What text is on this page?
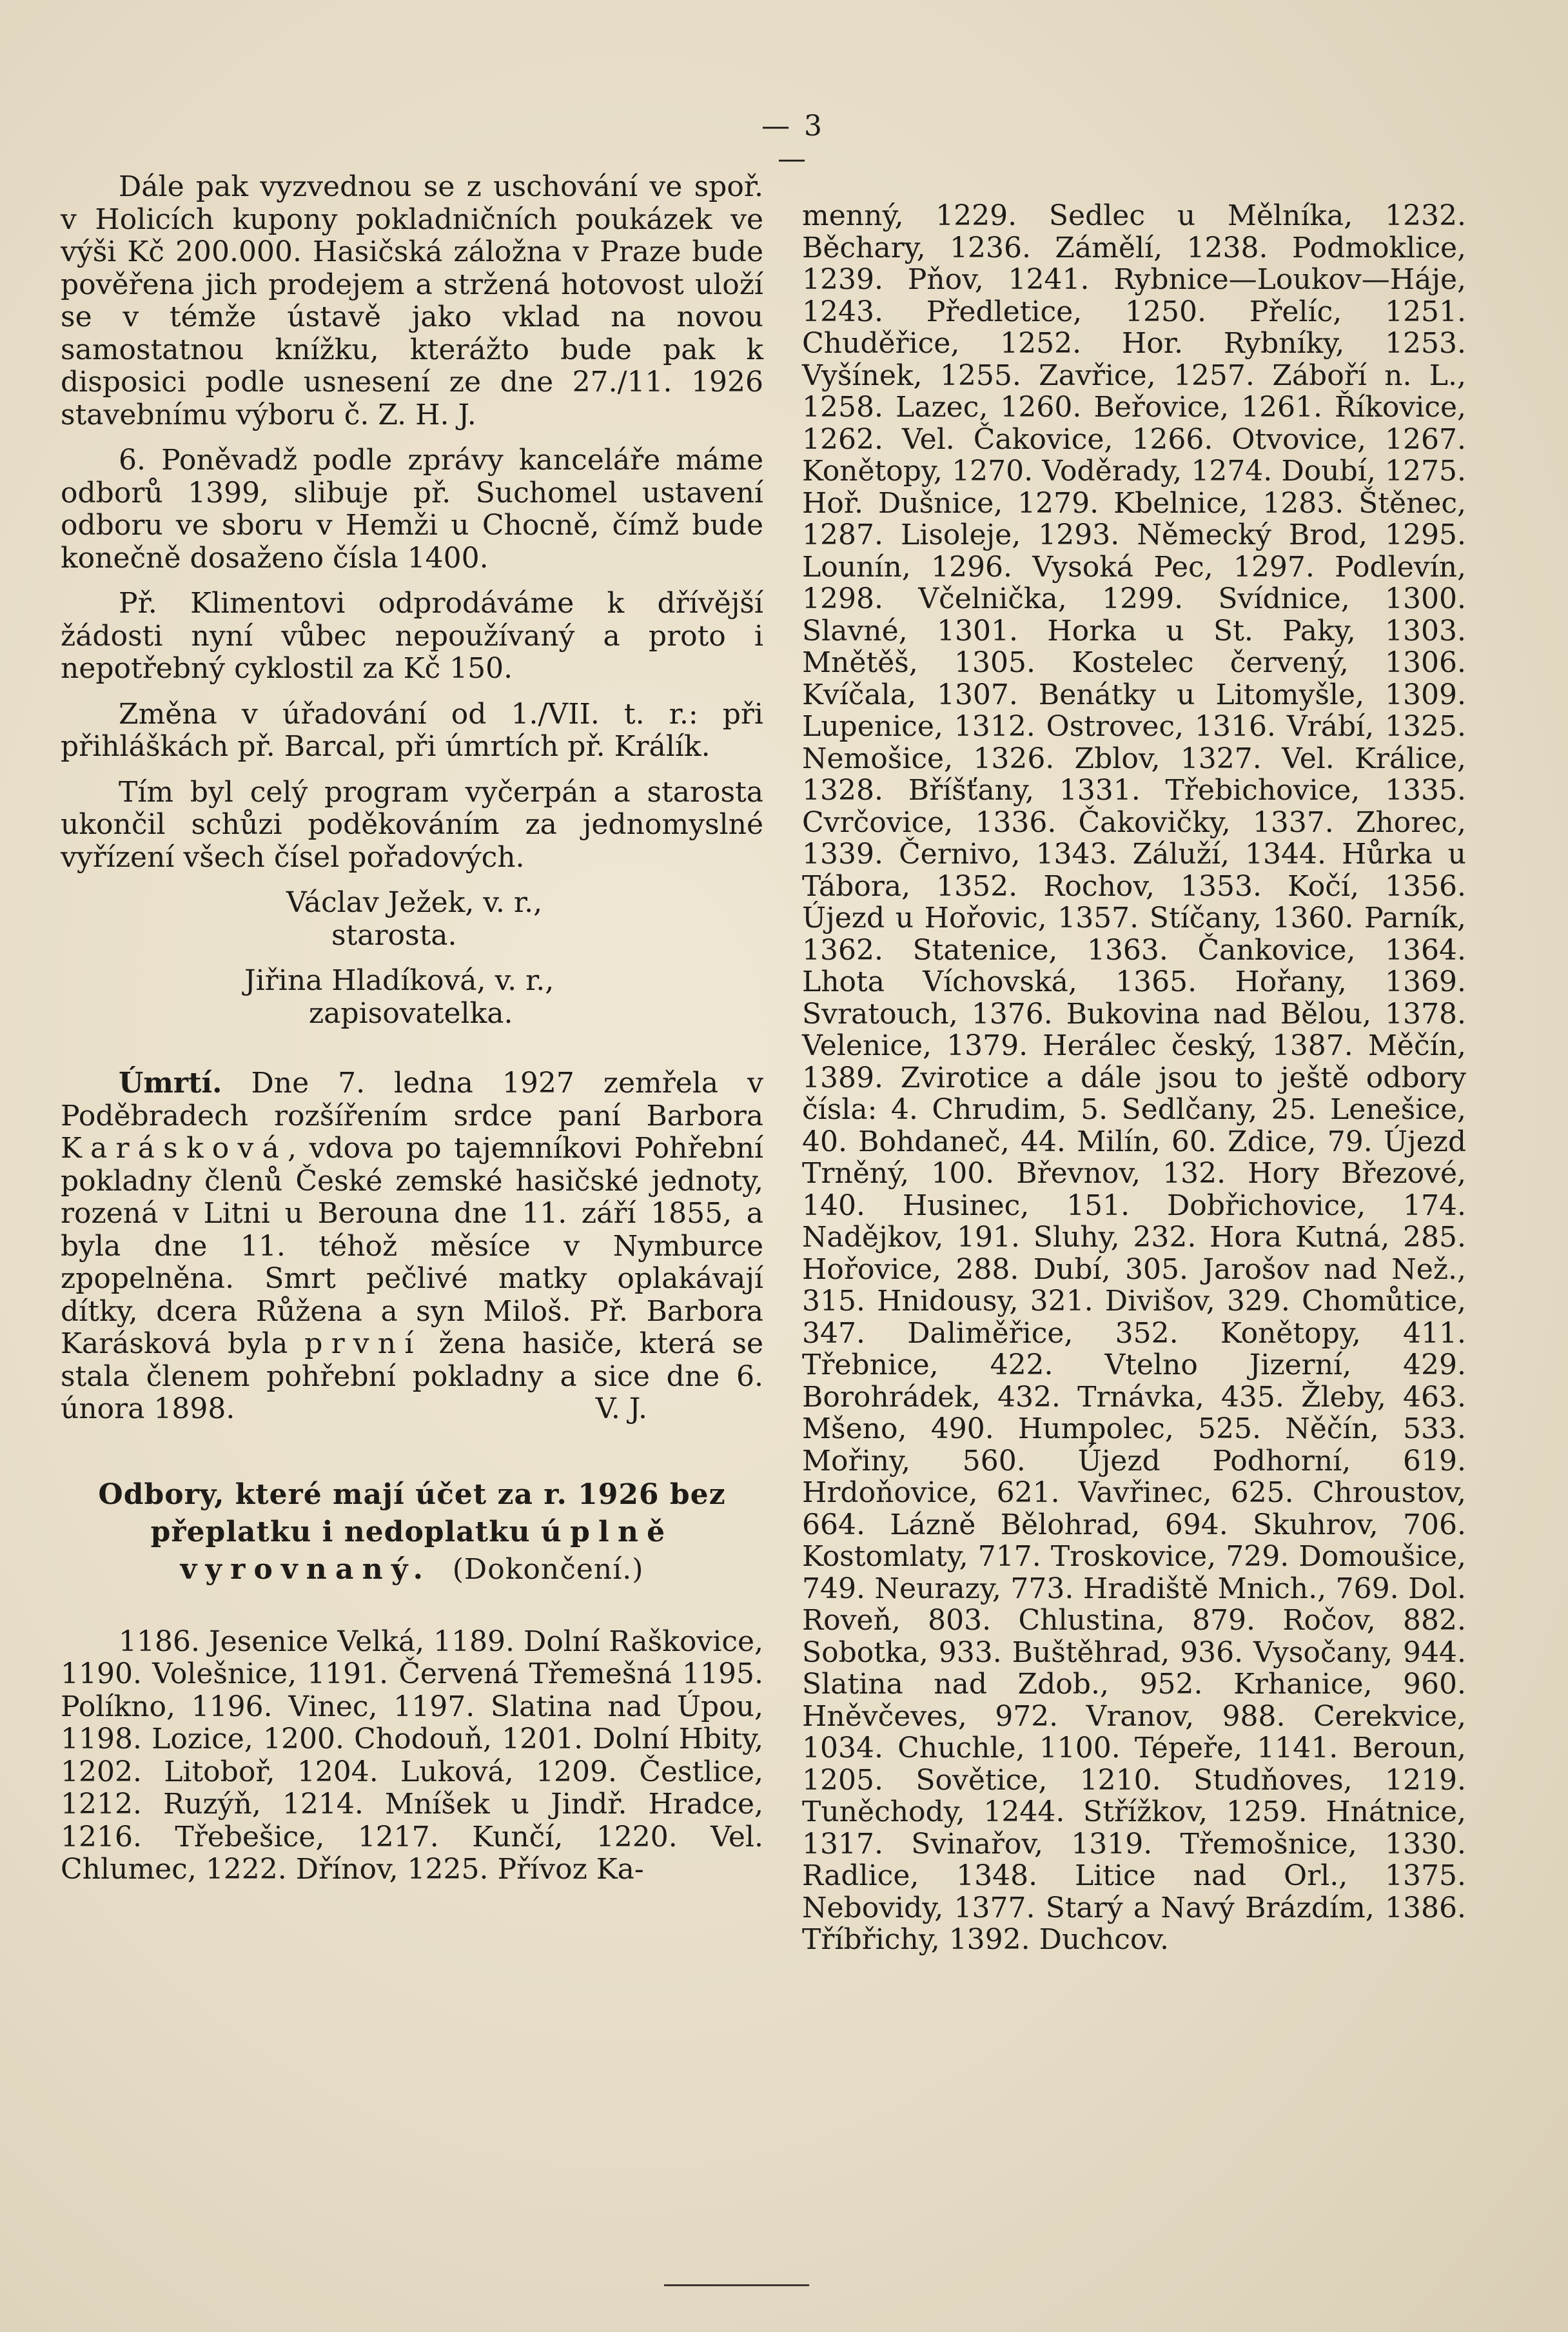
— 3 —

Dále pak vyzvednou se z uschování ve spoř. v Holicích kupony pokladničních poukázek ve výši Kč 200.000. Hasičská záložna v Praze bude pověřena jich prodejem a stržená hotovost uloží se v témže ústavě jako vklad na novou samostatnou knížku, kterážto bude pak k disposici podle usnesení ze dne 27./11. 1926 stavebnímu výboru č. Z. H. J.

6. Poněvadž podle zprávy kanceláře máme odborů 1399, slibuje př. Suchomel ustavení odboru ve sboru v Hemži u Chocně, čímž bude konečně dosaženo čísla 1400.

Př. Klimentovi odprodáváme k dřívější žádosti nyní vůbec nepoužívaný a proto i nepotřebný cyklostil za Kč 150.

Změna v úřadování od 1./VII. t. r.: při přihláškách př. Barcal, při úmrtích př. Králík.

Tím byl celý program vyčerpán a starosta ukončil schůzi poděkováním za jednomyslné vyřízení všech čísel pořadových.

Václav Ježek, v. r.,

starosta.

Jiřina Hladíková, v. r.,

zapisovatelka.

Úmrtí. Dne 7. ledna 1927 zemřela v Poděbradech rozšířením srdce paní Barbora Karásková, vdova po tajemníkovi Pohřební pokladny členů České zemské hasičské jednoty, rozená v Litni u Berouna dne 11. září 1855, a byla dne 11. téhož měsíce v Nymburce zpopelněna. Smrt pečlivé matky oplakávají dítky, dcera Růžena a syn Miloš. Př. Barbora Karásková byla první žena hasiče, která se stala členem pohřební pokladny a sice dne 6. února 1898.	V. J.

Odbory, které mají účet za r. 1926 bez přeplatku i nedoplatku úplně vyrovnaný. (Dokončení.)

1186. Jesenice Velká, 1189. Dolní Raškovice, 1190. Volešnice, 1191. Červená Třemešná 1195. Políkno, 1196. Vinec, 1197. Slatina nad Úpou, 1198. Lozice, 1200. Chodouň, 1201. Dolní Hbity, 1202. Litoboř, 1204. Luková, 1209. Čestlice, 1212. Ruzýň, 1214. Mníšek u Jindř. Hradce, 1216. Třebešice, 1217. Kunčí, 1220. Vel. Chlumec, 1222. Dřínov, 1225. Přívoz Ka-

menný, 1229. Sedlec u Mělníka, 1232. Běchary, 1236. Zámělí, 1238. Podmoklice, 1239. Pňov, 1241. Rybnice—Loukov—Háje, 1243. Předletice, 1250. Přelíc, 1251. Chuděřice, 1252. Hor. Rybníky, 1253. Vyšínek, 1255. Zavřice, 1257. Záboří n. L., 1258. Lazec, 1260. Beřovice, 1261. Říkovice, 1262. Vel. Čakovice, 1266. Otvovice, 1267. Konětopy, 1270. Voděrady, 1274. Doubí, 1275. Hoř. Dušnice, 1279. Kbelnice, 1283. Štěnec, 1287. Lisoleje, 1293. Německý Brod, 1295. Lounín, 1296. Vysoká Pec, 1297. Podlevín, 1298. Včelnička, 1299. Svídnice, 1300. Slavné, 1301. Horka u St. Paky, 1303. Mnětěš, 1305. Kostelec červený, 1306. Kvíčala, 1307. Benátky u Litomyšle, 1309. Lupenice, 1312. Ostrovec, 1316. Vrábí, 1325. Nemošice, 1326. Zblov, 1327. Vel. Králice, 1328. Bříšťany, 1331. Třebichovice, 1335. Cvrčovice, 1336. Čakovičky, 1337. Zhorec, 1339. Černivo, 1343. Záluží, 1344. Hůrka u Tábora, 1352. Rochov, 1353. Kočí, 1356. Újezd u Hořovic, 1357. Stíčany, 1360. Parník, 1362. Statenice, 1363. Čankovice, 1364. Lhota Víchovská, 1365. Hořany, 1369. Svratouch, 1376. Bukovina nad Bělou, 1378. Velenice, 1379. Herálec český, 1387. Měčín, 1389. Zvirotice a dále jsou to ještě odbory čísla: 4. Chrudim, 5. Sedlčany, 25. Lenešice, 40. Bohdaneč, 44. Milín, 60. Zdice, 79. Újezd Trněný, 100. Břevnov, 132. Hory Březové, 140. Husinec, 151. Dobřichovice, 174. Nadějkov, 191. Sluhy, 232. Hora Kutná, 285. Hořovice, 288. Dubí, 305. Jarošov nad Než., 315. Hnidousy, 321. Divišov, 329. Chomůtice, 347. Daliměřice, 352. Konětopy, 411. Třebnice, 422. Vtelno Jizerní, 429. Borohrádek, 432. Trnávka, 435. Žleby, 463. Mšeno, 490. Humpolec, 525. Něčín, 533. Mořiny, 560. Újezd Podhorní, 619. Hrdoňovice, 621. Vavřinec, 625. Chroustov, 664. Lázně Bělohrad, 694. Skuhrov, 706. Kostomlaty, 717. Troskovice, 729. Domoušice, 749. Neurazy, 773. Hradiště Mnich., 769. Dol. Roveň, 803. Chlustina, 879. Ročov, 882. Sobotka, 933. Buštěhrad, 936. Vysočany, 944. Slatina nad Zdob., 952. Krhanice, 960. Hněvčeves, 972. Vranov, 988. Cerekvice, 1034. Chuchle, 1100. Tépeře, 1141. Beroun, 1205. Sovětice, 1210. Studňoves, 1219. Tuněchody, 1244. Střížkov, 1259. Hnátnice, 1317. Svinařov, 1319. Třemošnice, 1330. Radlice, 1348. Litice nad Orl., 1375. Nebovidy, 1377. Starý a Navý Brázdím, 1386. Tříbřichy, 1392. Duchcov.
